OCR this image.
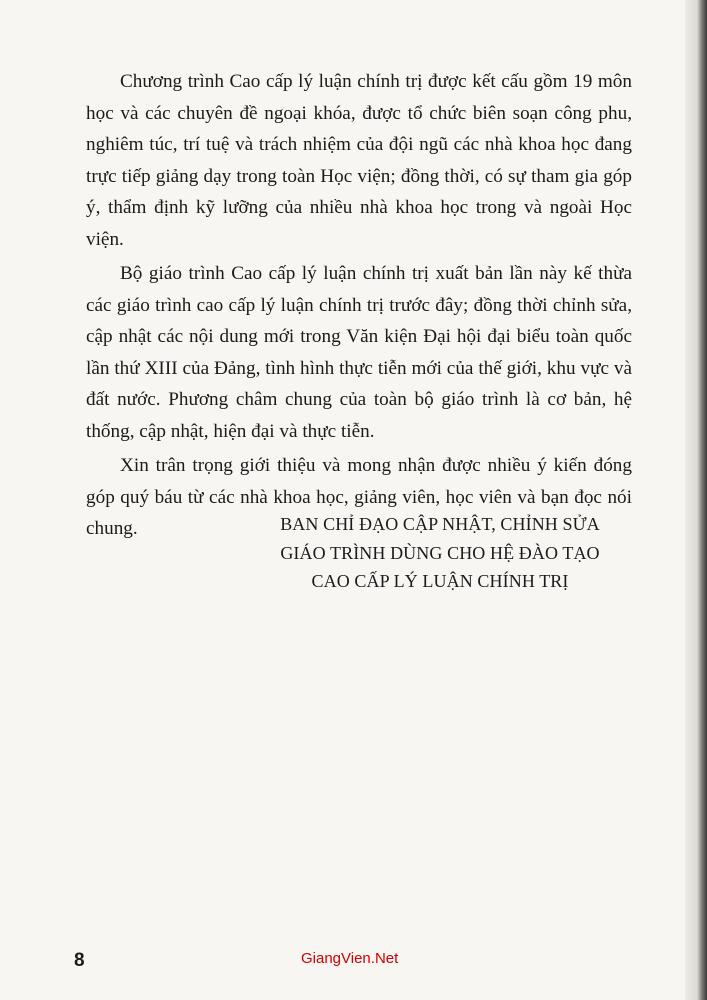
Chương trình Cao cấp lý luận chính trị được kết cấu gồm 19 môn học và các chuyên đề ngoại khóa, được tổ chức biên soạn công phu, nghiêm túc, trí tuệ và trách nhiệm của đội ngũ các nhà khoa học đang trực tiếp giảng dạy trong toàn Học viện; đồng thời, có sự tham gia góp ý, thẩm định kỹ lưỡng của nhiều nhà khoa học trong và ngoài Học viện.

Bộ giáo trình Cao cấp lý luận chính trị xuất bản lần này kế thừa các giáo trình cao cấp lý luận chính trị trước đây; đồng thời chỉnh sửa, cập nhật các nội dung mới trong Văn kiện Đại hội đại biểu toàn quốc lần thứ XIII của Đảng, tình hình thực tiễn mới của thế giới, khu vực và đất nước. Phương châm chung của toàn bộ giáo trình là cơ bản, hệ thống, cập nhật, hiện đại và thực tiễn.

Xin trân trọng giới thiệu và mong nhận được nhiều ý kiến đóng góp quý báu từ các nhà khoa học, giảng viên, học viên và bạn đọc nói chung.	BAN CHỈ ĐẠO CẬP NHẬT, CHỈNH SỬA
GIÁO TRÌNH DÙNG CHO HỆ ĐÀO TẠO
CAO CẤP LÝ LUẬN CHÍNH TRỊ
8	GiangVien.Net
